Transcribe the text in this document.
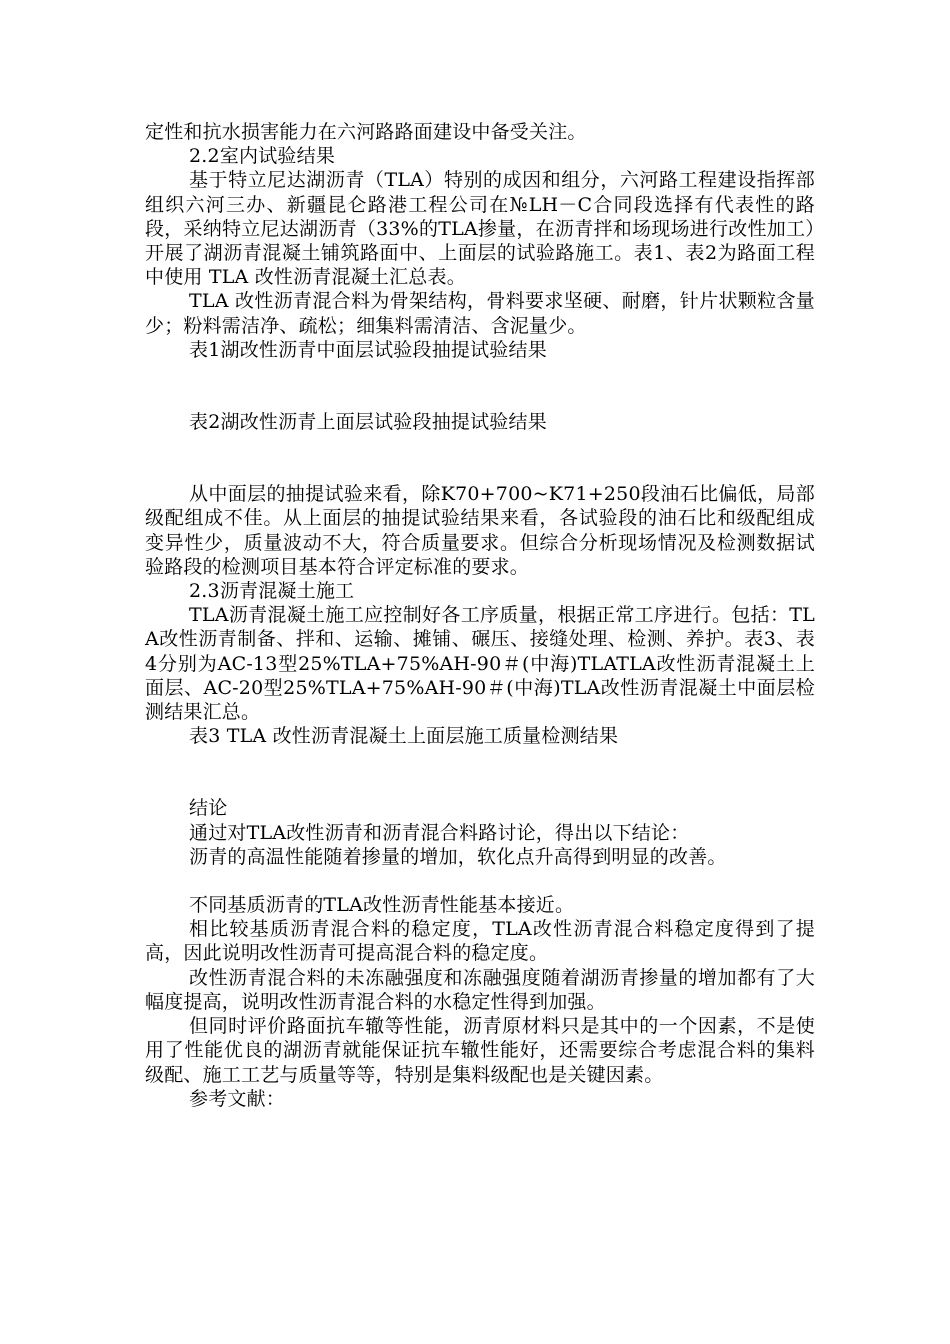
定性和抗水损害能力在六河路路面建设中备受关注。

2.2室内试验结果

基于特立尼达湖沥青（TLA）特别的成因和组分，六河路工程建设指挥部组织六河三办、新疆昆仑路港工程公司在№LH－C合同段选择有代表性的路段，采纳特立尼达湖沥青（33%的TLA掺量，在沥青拌和场现场进行改性加工）开展了湖沥青混凝土铺筑路面中、上面层的试验路施工。表1、表2为路面工程中使用 TLA 改性沥青混凝土汇总表。

TLA 改性沥青混合料为骨架结构，骨料要求坚硬、耐磨，针片状颗粒含量少；粉料需洁净、疏松；细集料需清洁、含泥量少。

表1湖改性沥青中面层试验段抽提试验结果

表2湖改性沥青上面层试验段抽提试验结果

从中面层的抽提试验来看，除K70+700~K71+250段油石比偏低，局部级配组成不佳。从上面层的抽提试验结果来看，各试验段的油石比和级配组成变异性少，质量波动不大，符合质量要求。但综合分析现场情况及检测数据试验路段的检测项目基本符合评定标准的要求。

2.3沥青混凝土施工

TLA沥青混凝土施工应控制好各工序质量，根据正常工序进行。包括：TLA改性沥青制备、拌和、运输、摊铺、碾压、接缝处理、检测、养护。表3、表4分别为AC-13型25%TLA+75%AH-90＃(中海)TLATLA改性沥青混凝土上面层、AC-20型25%TLA+75%AH-90＃(中海)TLA改性沥青混凝土中面层检测结果汇总。

表3 TLA 改性沥青混凝土上面层施工质量检测结果

结论

通过对TLA改性沥青和沥青混合料路讨论，得出以下结论：

沥青的高温性能随着掺量的增加，软化点升高得到明显的改善。

不同基质沥青的TLA改性沥青性能基本接近。

相比较基质沥青混合料的稳定度，TLA改性沥青混合料稳定度得到了提高，因此说明改性沥青可提高混合料的稳定度。

改性沥青混合料的未冻融强度和冻融强度随着湖沥青掺量的增加都有了大幅度提高，说明改性沥青混合料的水稳定性得到加强。

但同时评价路面抗车辙等性能，沥青原材料只是其中的一个因素，不是使用了性能优良的湖沥青就能保证抗车辙性能好，还需要综合考虑混合料的集料级配、施工工艺与质量等等，特别是集料级配也是关键因素。

参考文献：
